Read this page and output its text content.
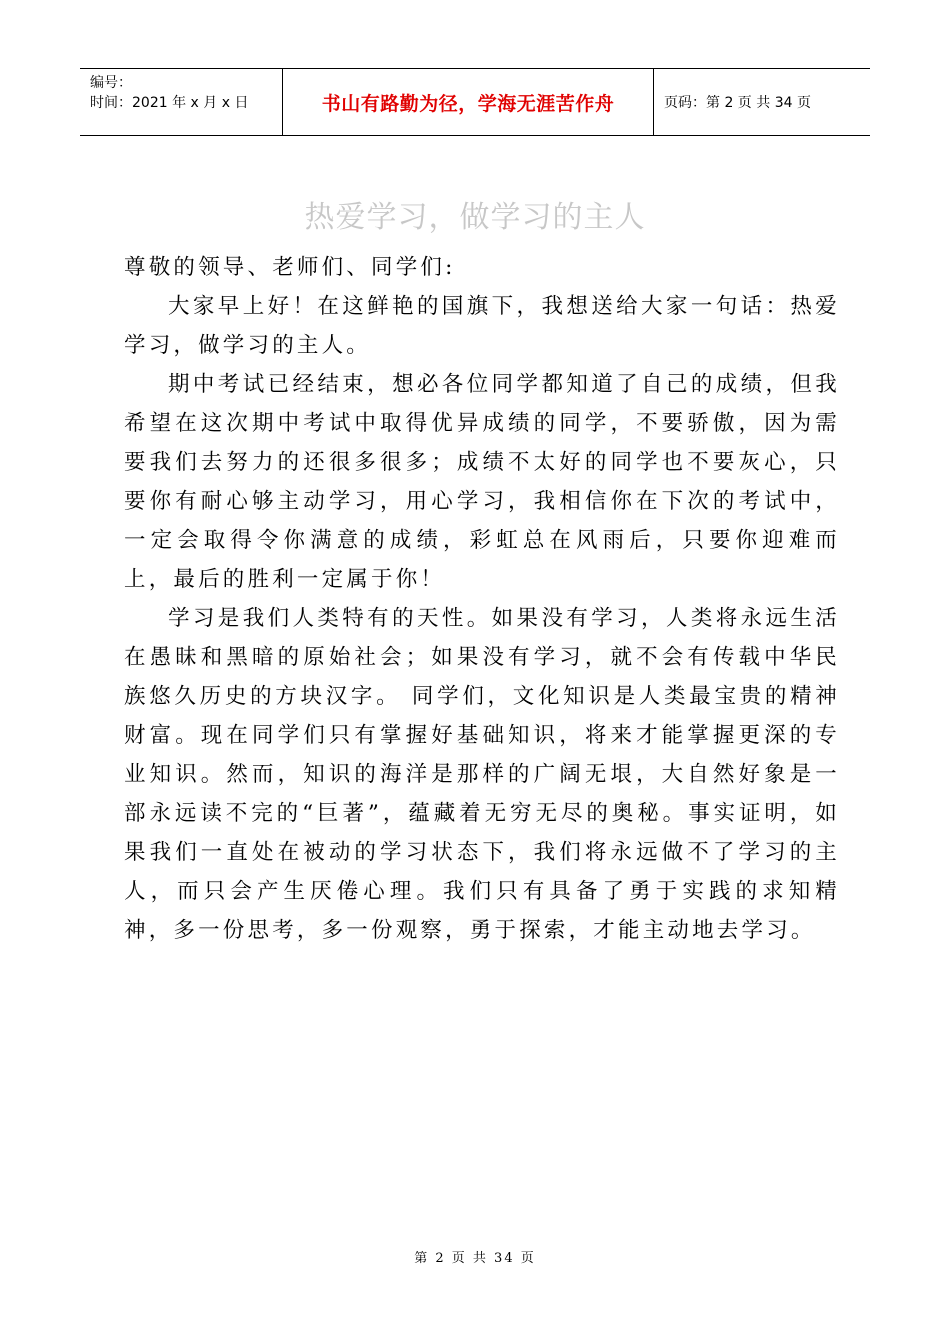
编号：
时间：2021 年 x 月 x 日	书山有路勤为径，学海无涯苦作舟	页码：第 2 页 共 34 页
热爱学习，做学习的主人

尊敬的领导、老师们、同学们:

大家早上好！在这鲜艳的国旗下，我想送给大家一句话：热爱学习，做学习的主人。

期中考试已经结束，想必各位同学都知道了自己的成绩，但我希望在这次期中考试中取得优异成绩的同学，不要骄傲，因为需要我们去努力的还很多很多；成绩不太好的同学也不要灰心，只要你有耐心够主动学习，用心学习，我相信你在下次的考试中，一定会取得令你满意的成绩，彩虹总在风雨后，只要你迎难而上，最后的胜利一定属于你！

学习是我们人类特有的天性。如果没有学习，人类将永远生活在愚昧和黑暗的原始社会；如果没有学习，就不会有传载中华民族悠久历史的方块汉字。 同学们，文化知识是人类最宝贵的精神财富。现在同学们只有掌握好基础知识，将来才能掌握更深的专业知识。然而，知识的海洋是那样的广阔无垠，大自然好象是一部永远读不完的“巨著”，蕴藏着无穷无尽的奥秘。事实证明，如果我们一直处在被动的学习状态下，我们将永远做不了学习的主人，而只会产生厌倦心理。我们只有具备了勇于实践的求知精神，多一份思考，多一份观察，勇于探索，才能主动地去学习。

第 2 页 共 34 页
